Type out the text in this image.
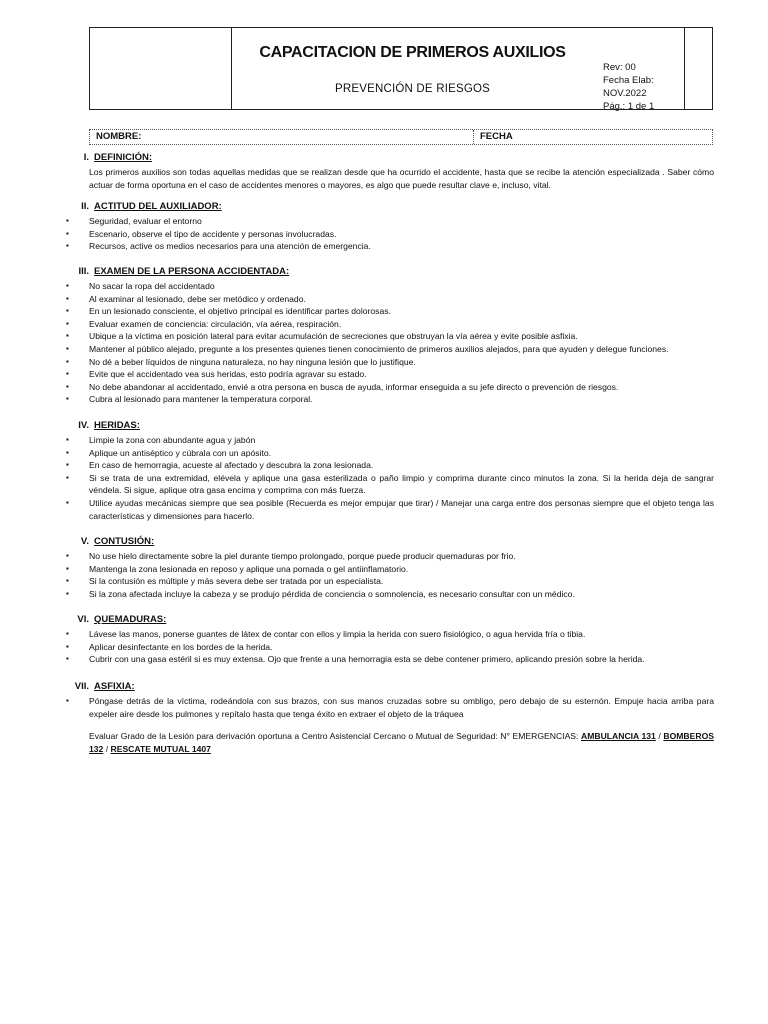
CAPACITACION DE PRIMEROS AUXILIOS
PREVENCIÓN DE RIESGOS
Rev: 00
Fecha Elab: NOV.2022
Pág.: 1 de 1
NOMBRE:	FECHA
I. DEFINICIÓN:
Los primeros auxilios son todas aquellas medidas que se realizan desde que ha ocurrido el accidente, hasta que se recibe la atención especializada . Saber cómo actuar de forma oportuna en el caso de accidentes menores o mayores, es algo que puede resultar clave e, incluso, vital.
II. ACTITUD DEL AUXILIADOR:
▪ Seguridad, evaluar el entorno
▪ Escenario, observe el tipo de accidente y personas involucradas.
▪ Recursos, active os medios necesarios para una atención de emergencia.
III. EXAMEN DE LA PERSONA ACCIDENTADA:
▪ No sacar la ropa del accidentado
▪ Al examinar al lesionado, debe ser metódico y ordenado.
▪ En un lesionado consciente, el objetivo principal es identificar partes dolorosas.
▪ Evaluar examen de conciencia: circulación, vía aérea, respiración.
▪ Ubique a la víctima en posición lateral para evitar acumulación de secreciones que obstruyan la vía aérea y evite posible asfixia.
▪ Mantener al público alejado, pregunte a los presentes quienes tienen conocimiento de primeros auxilios alejados, para que ayuden y delegue funciones.
▪ No dé a beber líquidos de ninguna naturaleza, no hay ninguna lesión que lo justifique.
▪ Evite que el accidentado vea sus heridas, esto podría agravar su estado.
▪ No debe abandonar al accidentado, envié a otra persona en busca de ayuda, informar enseguida a su jefe directo o prevención de riesgos.
▪ Cubra al lesionado para mantener la temperatura corporal.
IV. HERIDAS:
▪ Limpie la zona con abundante agua y jabón
▪ Aplique un antiséptico y cúbrala con un apósito.
▪ En caso de hemorragia, acueste al afectado y descubra la zona lesionada.
▪ Si se trata de una extremidad, elévela y aplique una gasa esterilizada o paño limpio y comprima durante cinco minutos la zona. Si la herida deja de sangrar véndela. Si sigue, aplique otra gasa encima y comprima con más fuerza.
▪ Utilice ayudas mecánicas siempre que sea posible (Recuerda es mejor empujar que tirar) / Manejar una carga entre dos personas siempre que el objeto tenga las características y dimensiones para hacerlo.
V. CONTUSIÓN:
▪ No use hielo directamente sobre la piel durante tiempo prolongado, porque puede producir quemaduras por frio.
▪ Mantenga la zona lesionada en reposo y aplique una pomada o gel antiinflamatorio.
▪ Si la contusión es múltiple y más severa debe ser tratada por un especialista.
▪ Si la zona afectada incluye la cabeza y se produjo pérdida de conciencia o somnolencia, es necesario consultar con un médico.
VI. QUEMADURAS:
▪ Lávese las manos, ponerse guantes de látex de contar con ellos y limpia la herida con suero fisiológico, o agua hervida fría o tibia.
▪ Aplicar desinfectante en los bordes de la herida.
▪ Cubrir con una gasa estéril si es muy extensa. Ojo que frente a una hemorragia esta se debe contener primero, aplicando presión sobre la herida.
VII. ASFIXIA:
▪ Póngase detrás de la víctima, rodeándola con sus brazos, con sus manos cruzadas sobre su ombligo, pero debajo de su esternón. Empuje hacia arriba para expeler aire desde los pulmones y repítalo hasta que tenga éxito en extraer el objeto de la tráquea
Evaluar Grado de la Lesión para derivación oportuna a Centro Asistencial Cercano o Mutual de Seguridad: N° EMERGENCIAS: AMBULANCIA 131 / BOMBEROS 132 / RESCATE MUTUAL 1407
